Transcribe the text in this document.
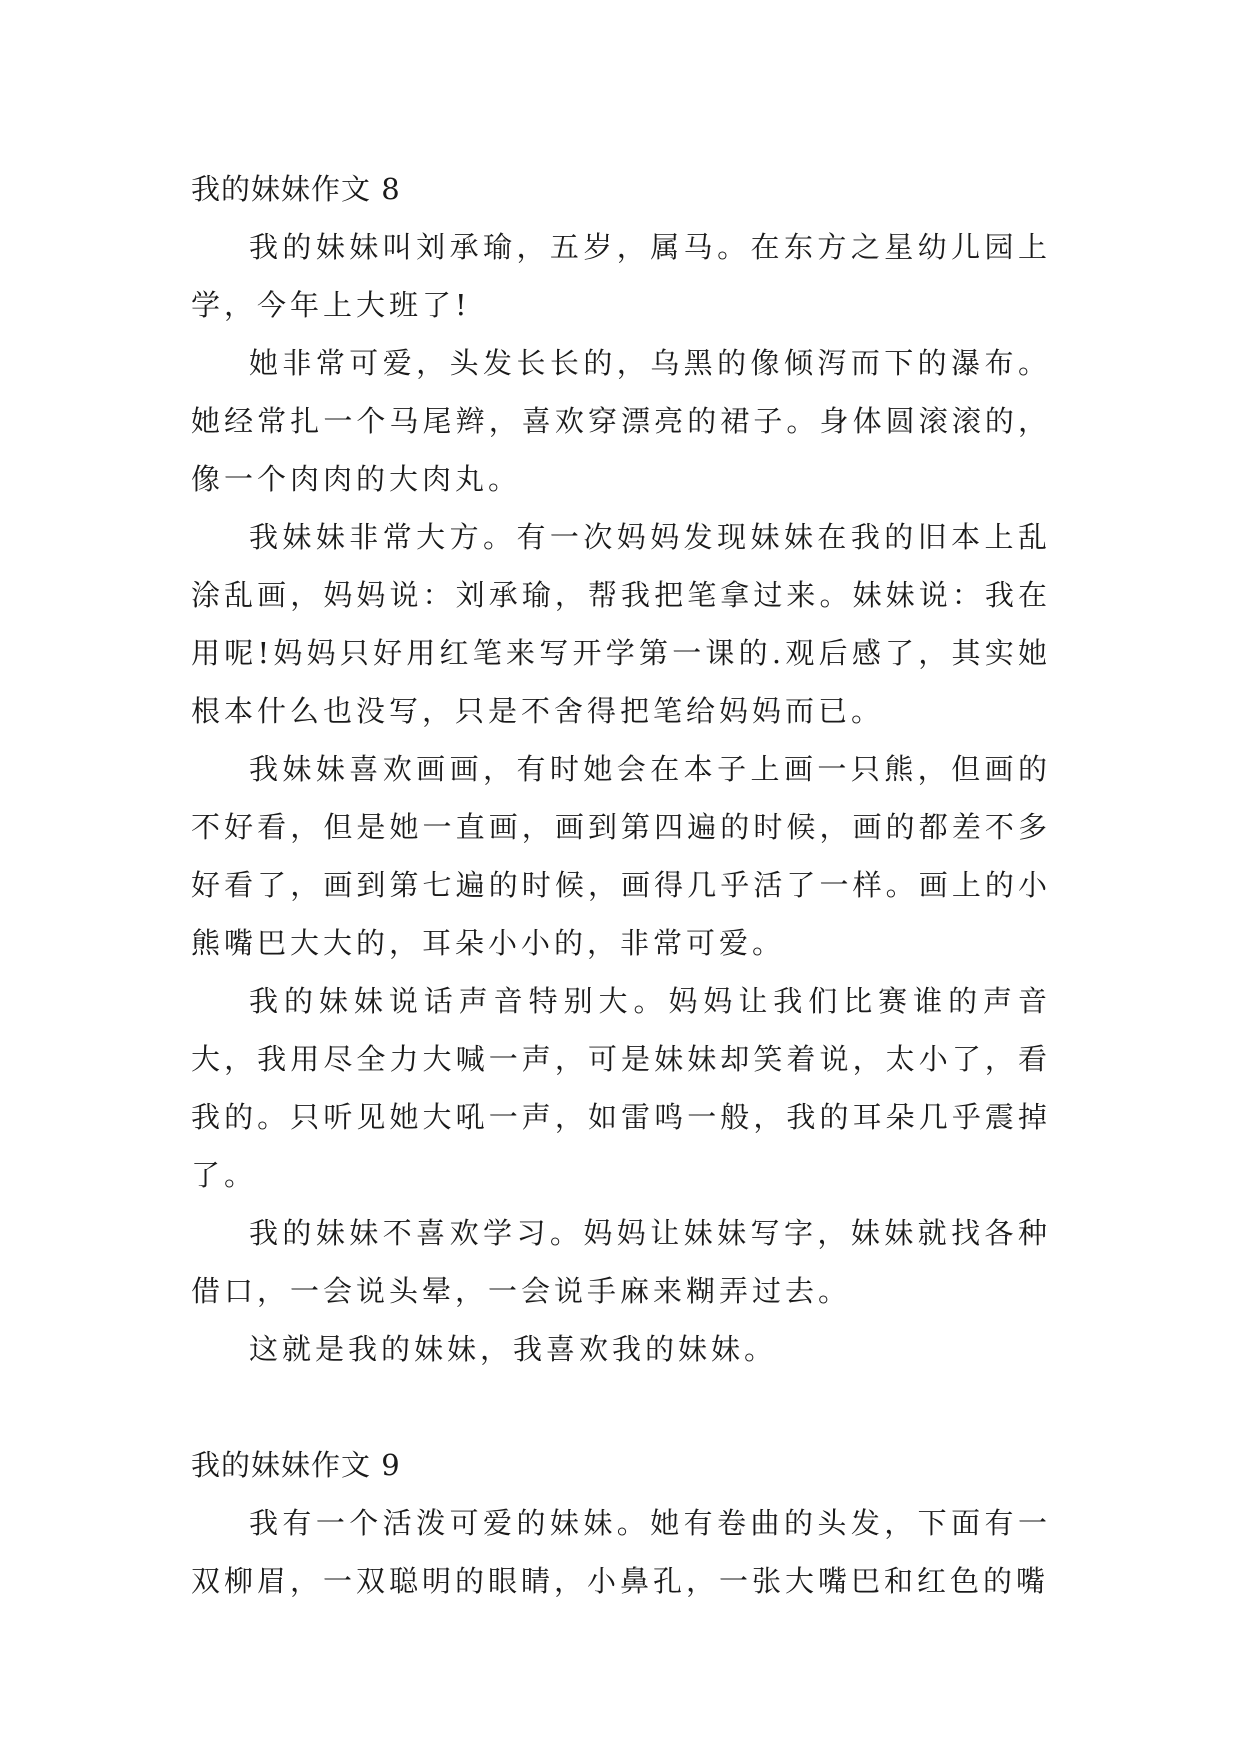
我的妹妹作文 8

我的妹妹叫刘承瑜，五岁，属马。在东方之星幼儿园上学，今年上大班了!

她非常可爱，头发长长的，乌黑的像倾泻而下的瀑布。她经常扎一个马尾辫，喜欢穿漂亮的裙子。身体圆滚滚的，像一个肉肉的大肉丸。

我妹妹非常大方。有一次妈妈发现妹妹在我的旧本上乱涂乱画，妈妈说：刘承瑜，帮我把笔拿过来。妹妹说：我在用呢!妈妈只好用红笔来写开学第一课的.观后感了，其实她根本什么也没写，只是不舍得把笔给妈妈而已。

我妹妹喜欢画画，有时她会在本子上画一只熊，但画的不好看，但是她一直画，画到第四遍的时候，画的都差不多好看了，画到第七遍的时候，画得几乎活了一样。画上的小熊嘴巴大大的，耳朵小小的，非常可爱。

我的妹妹说话声音特别大。妈妈让我们比赛谁的声音大，我用尽全力大喊一声，可是妹妹却笑着说，太小了，看我的。只听见她大吼一声，如雷鸣一般，我的耳朵几乎震掉了。

我的妹妹不喜欢学习。妈妈让妹妹写字，妹妹就找各种借口，一会说头晕，一会说手麻来糊弄过去。

这就是我的妹妹，我喜欢我的妹妹。

我的妹妹作文 9

我有一个活泼可爱的妹妹。她有卷曲的头发，下面有一双柳眉，一双聪明的眼睛，小鼻孔，一张大嘴巴和红色的嘴
